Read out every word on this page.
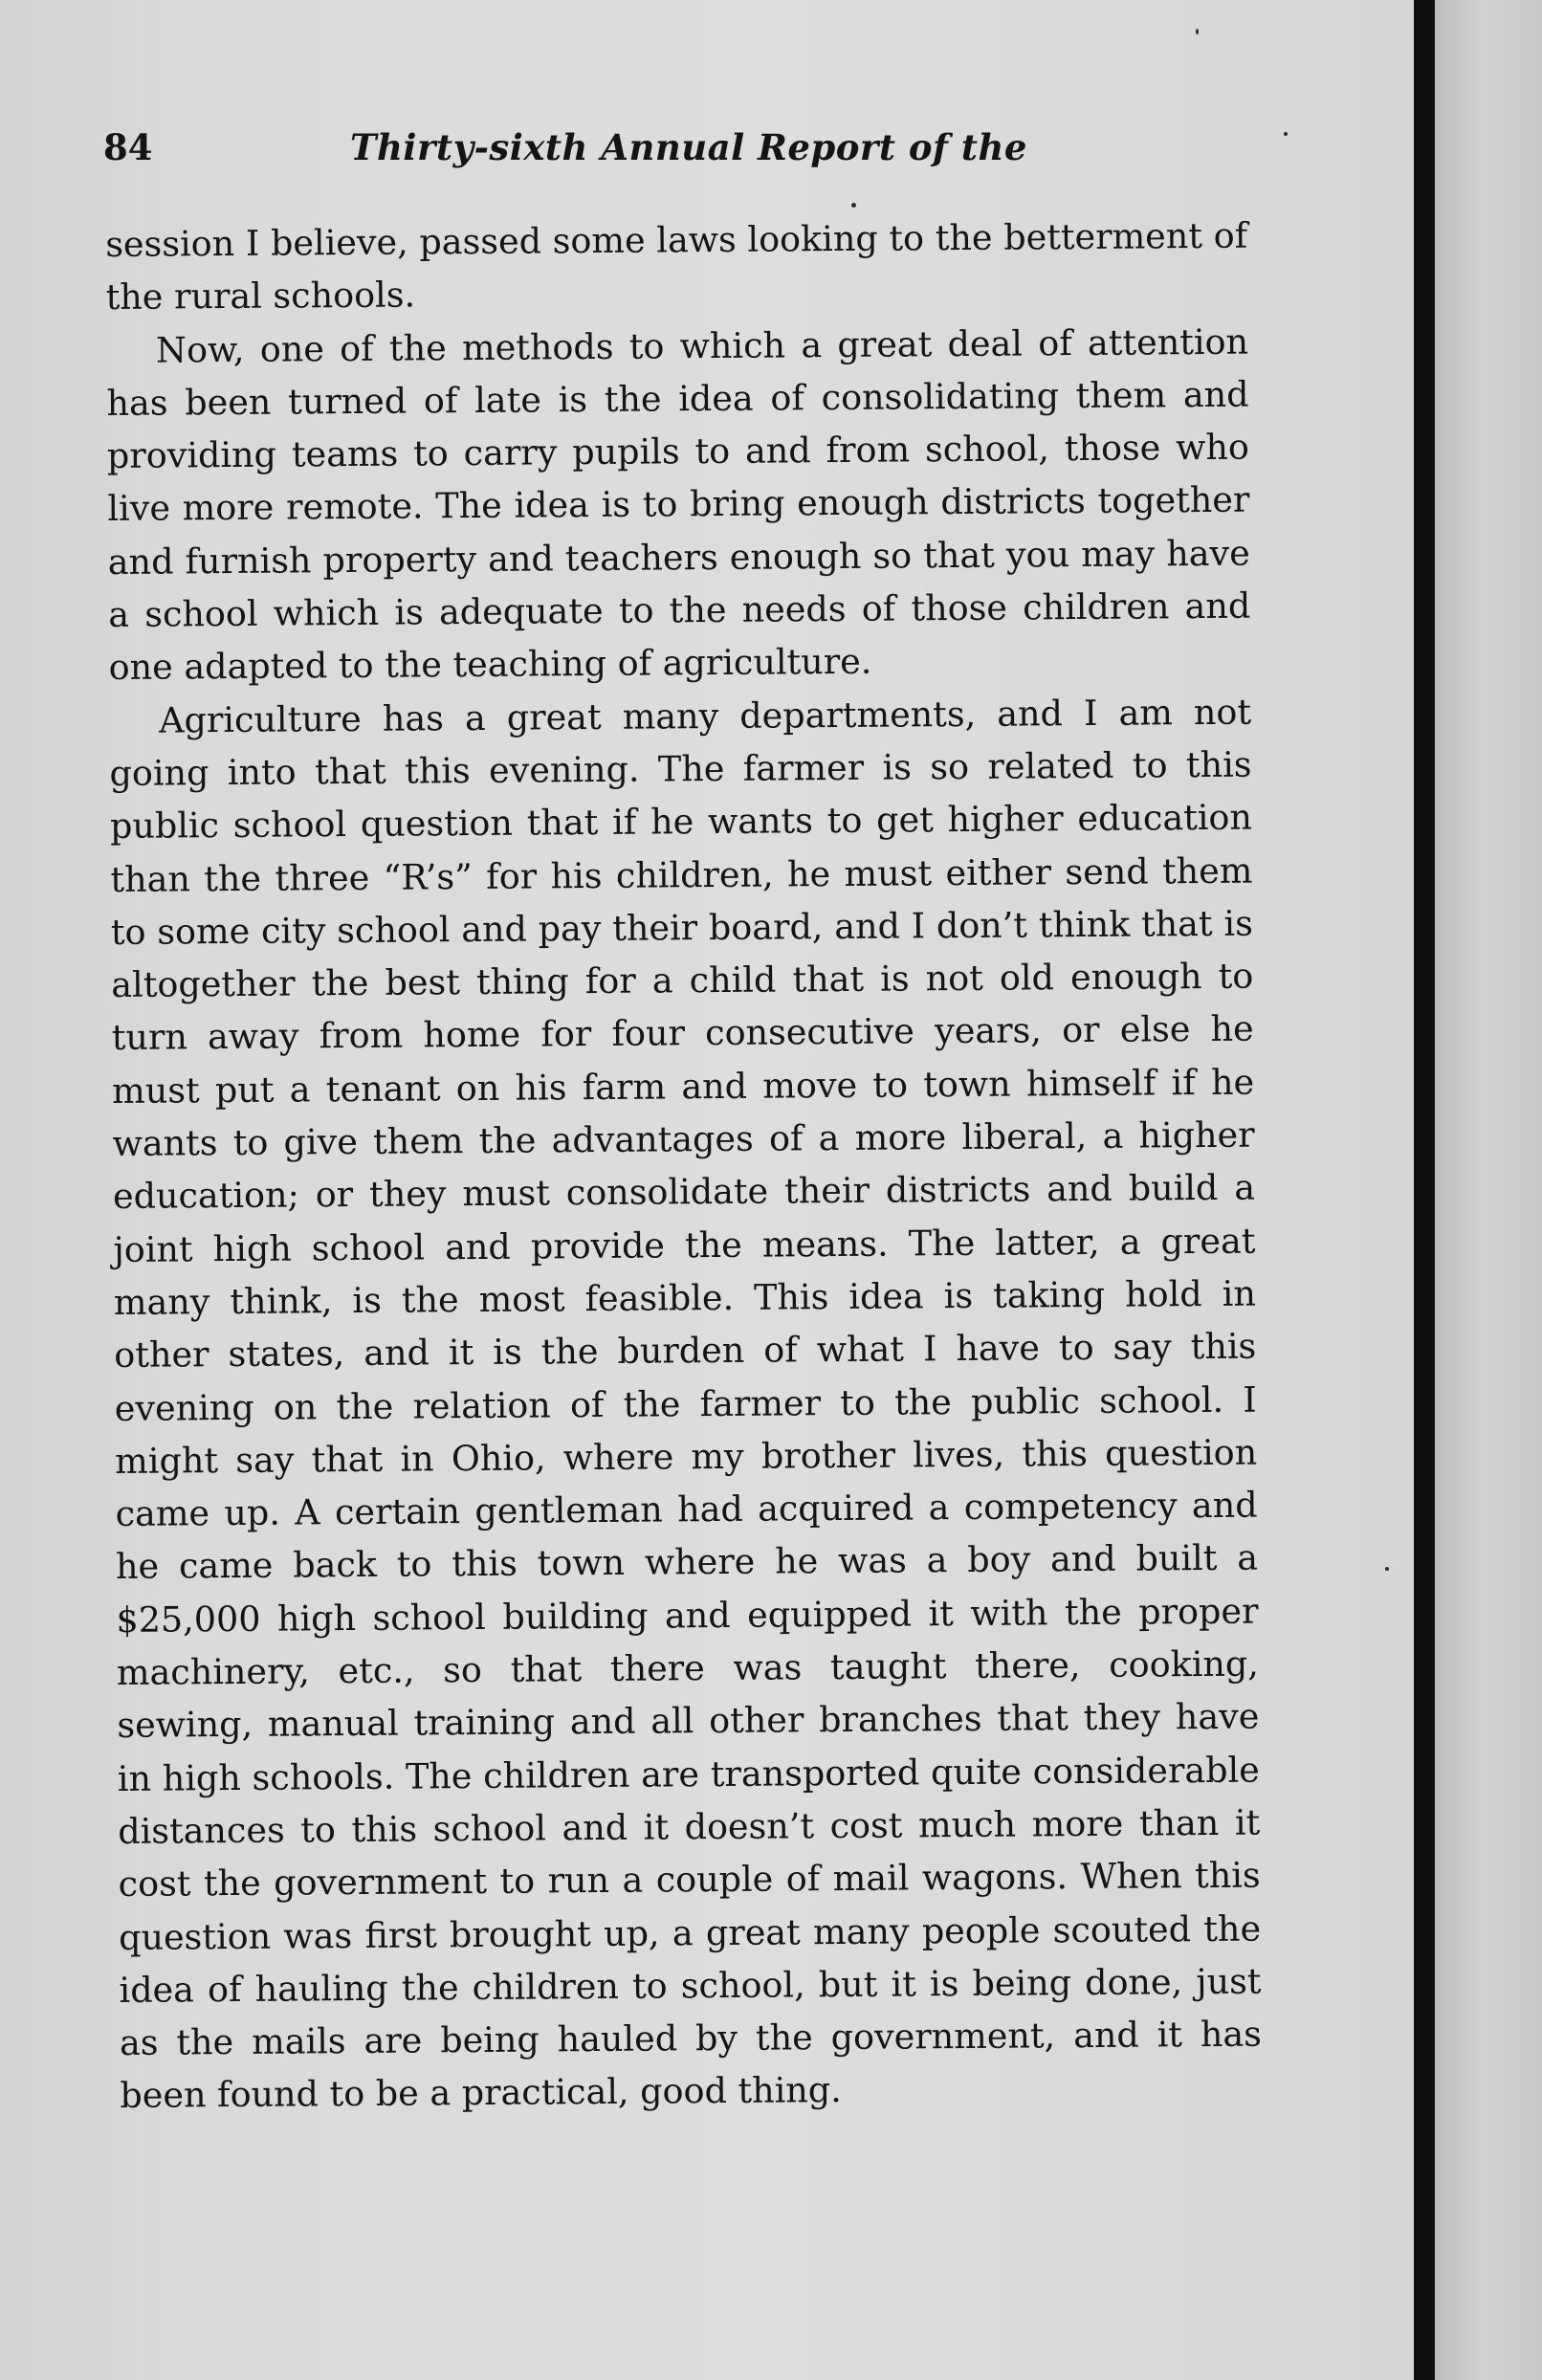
84	Thirty-sixth Annual Report of the

session I believe, passed some laws looking to the betterment of the rural schools.

Now, one of the methods to which a great deal of attention has been turned of late is the idea of consolidating them and providing teams to carry pupils to and from school, those who live more remote. The idea is to bring enough districts together and furnish property and teachers enough so that you may have a school which is adequate to the needs of those children and one adapted to the teaching of agriculture.

Agriculture has a great many departments, and I am not going into that this evening. The farmer is so related to this public school question that if he wants to get higher education than the three “R’s” for his children, he must either send them to some city school and pay their board, and I don’t think that is altogether the best thing for a child that is not old enough to turn away from home for four consecutive years, or else he must put a tenant on his farm and move to town himself if he wants to give them the advantages of a more liberal, a higher education; or they must consolidate their districts and build a joint high school and provide the means. The latter, a great many think, is the most feasible. This idea is taking hold in other states, and it is the burden of what I have to say this evening on the relation of the farmer to the public school. I might say that in Ohio, where my brother lives, this question came up. A certain gentleman had acquired a competency and he came back to this town where he was a boy and built a $25,000 high school building and equipped it with the proper machinery, etc., so that there was taught there, cooking, sewing, manual training and all other branches that they have in high schools. The children are transported quite considerable distances to this school and it doesn’t cost much more than it cost the government to run a couple of mail wagons. When this question was first brought up, a great many people scouted the idea of hauling the children to school, but it is being done, just as the mails are being hauled by the government, and it has been found to be a practical, good thing.
